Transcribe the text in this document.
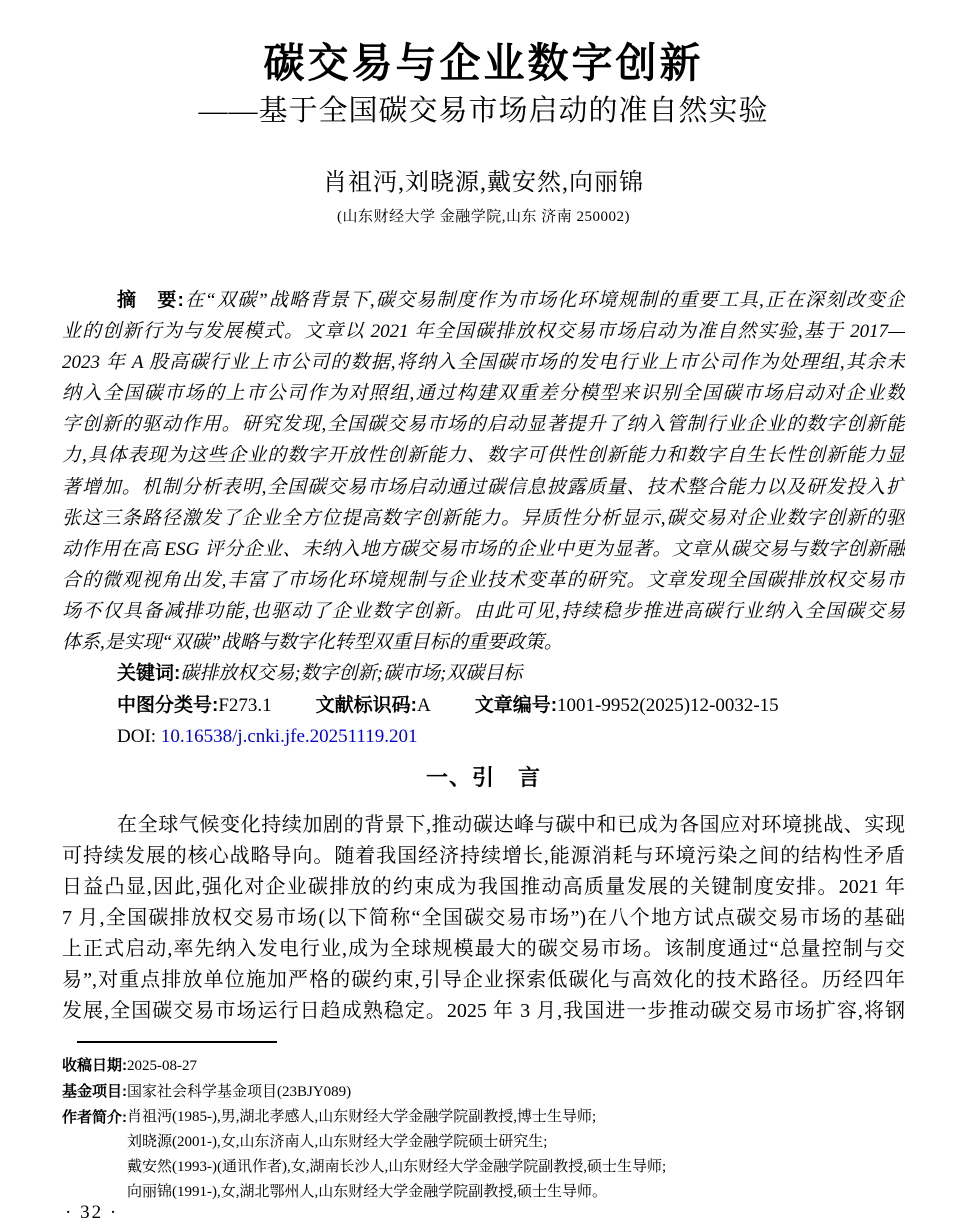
碳交易与企业数字创新
——基于全国碳交易市场启动的准自然实验
肖祖沔,刘晓源,戴安然,向丽锦
(山东财经大学 金融学院,山东 济南 250002)
摘　要:在“双碳”战略背景下,碳交易制度作为市场化环境规制的重要工具,正在深刻改变企
业的创新行为与发展模式。文章以 2021 年全国碳排放权交易市场启动为准自然实验,基于 2017—
2023 年 A 股高碳行业上市公司的数据,将纳入全国碳市场的发电行业上市公司作为处理组,其余未
纳入全国碳市场的上市公司作为对照组,通过构建双重差分模型来识别全国碳市场启动对企业数
字创新的驱动作用。研究发现,全国碳交易市场的启动显著提升了纳入管制行业企业的数字创新能
力,具体表现为这些企业的数字开放性创新能力、数字可供性创新能力和数字自生长性创新能力显
著增加。机制分析表明,全国碳交易市场启动通过碳信息披露质量、技术整合能力以及研发投入扩
张这三条路径激发了企业全方位提高数字创新能力。异质性分析显示,碳交易对企业数字创新的驱
动作用在高 ESG 评分企业、未纳入地方碳交易市场的企业中更为显著。文章从碳交易与数字创新融
合的微观视角出发,丰富了市场化环境规制与企业技术变革的研究。文章发现全国碳排放权交易市
场不仅具备减排功能,也驱动了企业数字创新。由此可见,持续稳步推进高碳行业纳入全国碳交易
体系,是实现“双碳”战略与数字化转型双重目标的重要政策。
关键词:碳排放权交易;数字创新;碳市场;双碳目标
中图分类号:F273.1 文献标识码:A 文章编号:1001-9952(2025)12-0032-15
DOI: 10.16538/j.cnki.jfe.20251119.201
一、引　言
在全球气候变化持续加剧的背景下,推动碳达峰与碳中和已成为各国应对环境挑战、实现
可持续发展的核心战略导向。随着我国经济持续增长,能源消耗与环境污染之间的结构性矛盾
日益凸显,因此,强化对企业碳排放的约束成为我国推动高质量发展的关键制度安排。2021 年
7 月,全国碳排放权交易市场(以下简称“全国碳交易市场”)在八个地方试点碳交易市场的基础
上正式启动,率先纳入发电行业,成为全球规模最大的碳交易市场。该制度通过“总量控制与交
易”,对重点排放单位施加严格的碳约束,引导企业探索低碳化与高效化的技术路径。历经四年
发展,全国碳交易市场运行日趋成熟稳定。2025 年 3 月,我国进一步推动碳交易市场扩容,将钢
收稿日期:2025-08-27
基金项目:国家社会科学基金项目(23BJY089)
作者简介: 肖祖沔(1985-),男,湖北孝感人,山东财经大学金融学院副教授,博士生导师;
刘晓源(2001-),女,山东济南人,山东财经大学金融学院硕士研究生;
戴安然(1993-)(通讯作者),女,湖南长沙人,山东财经大学金融学院副教授,硕士生导师;
向丽锦(1991-),女,湖北鄂州人,山东财经大学金融学院副教授,硕士生导师。
· 32 ·
